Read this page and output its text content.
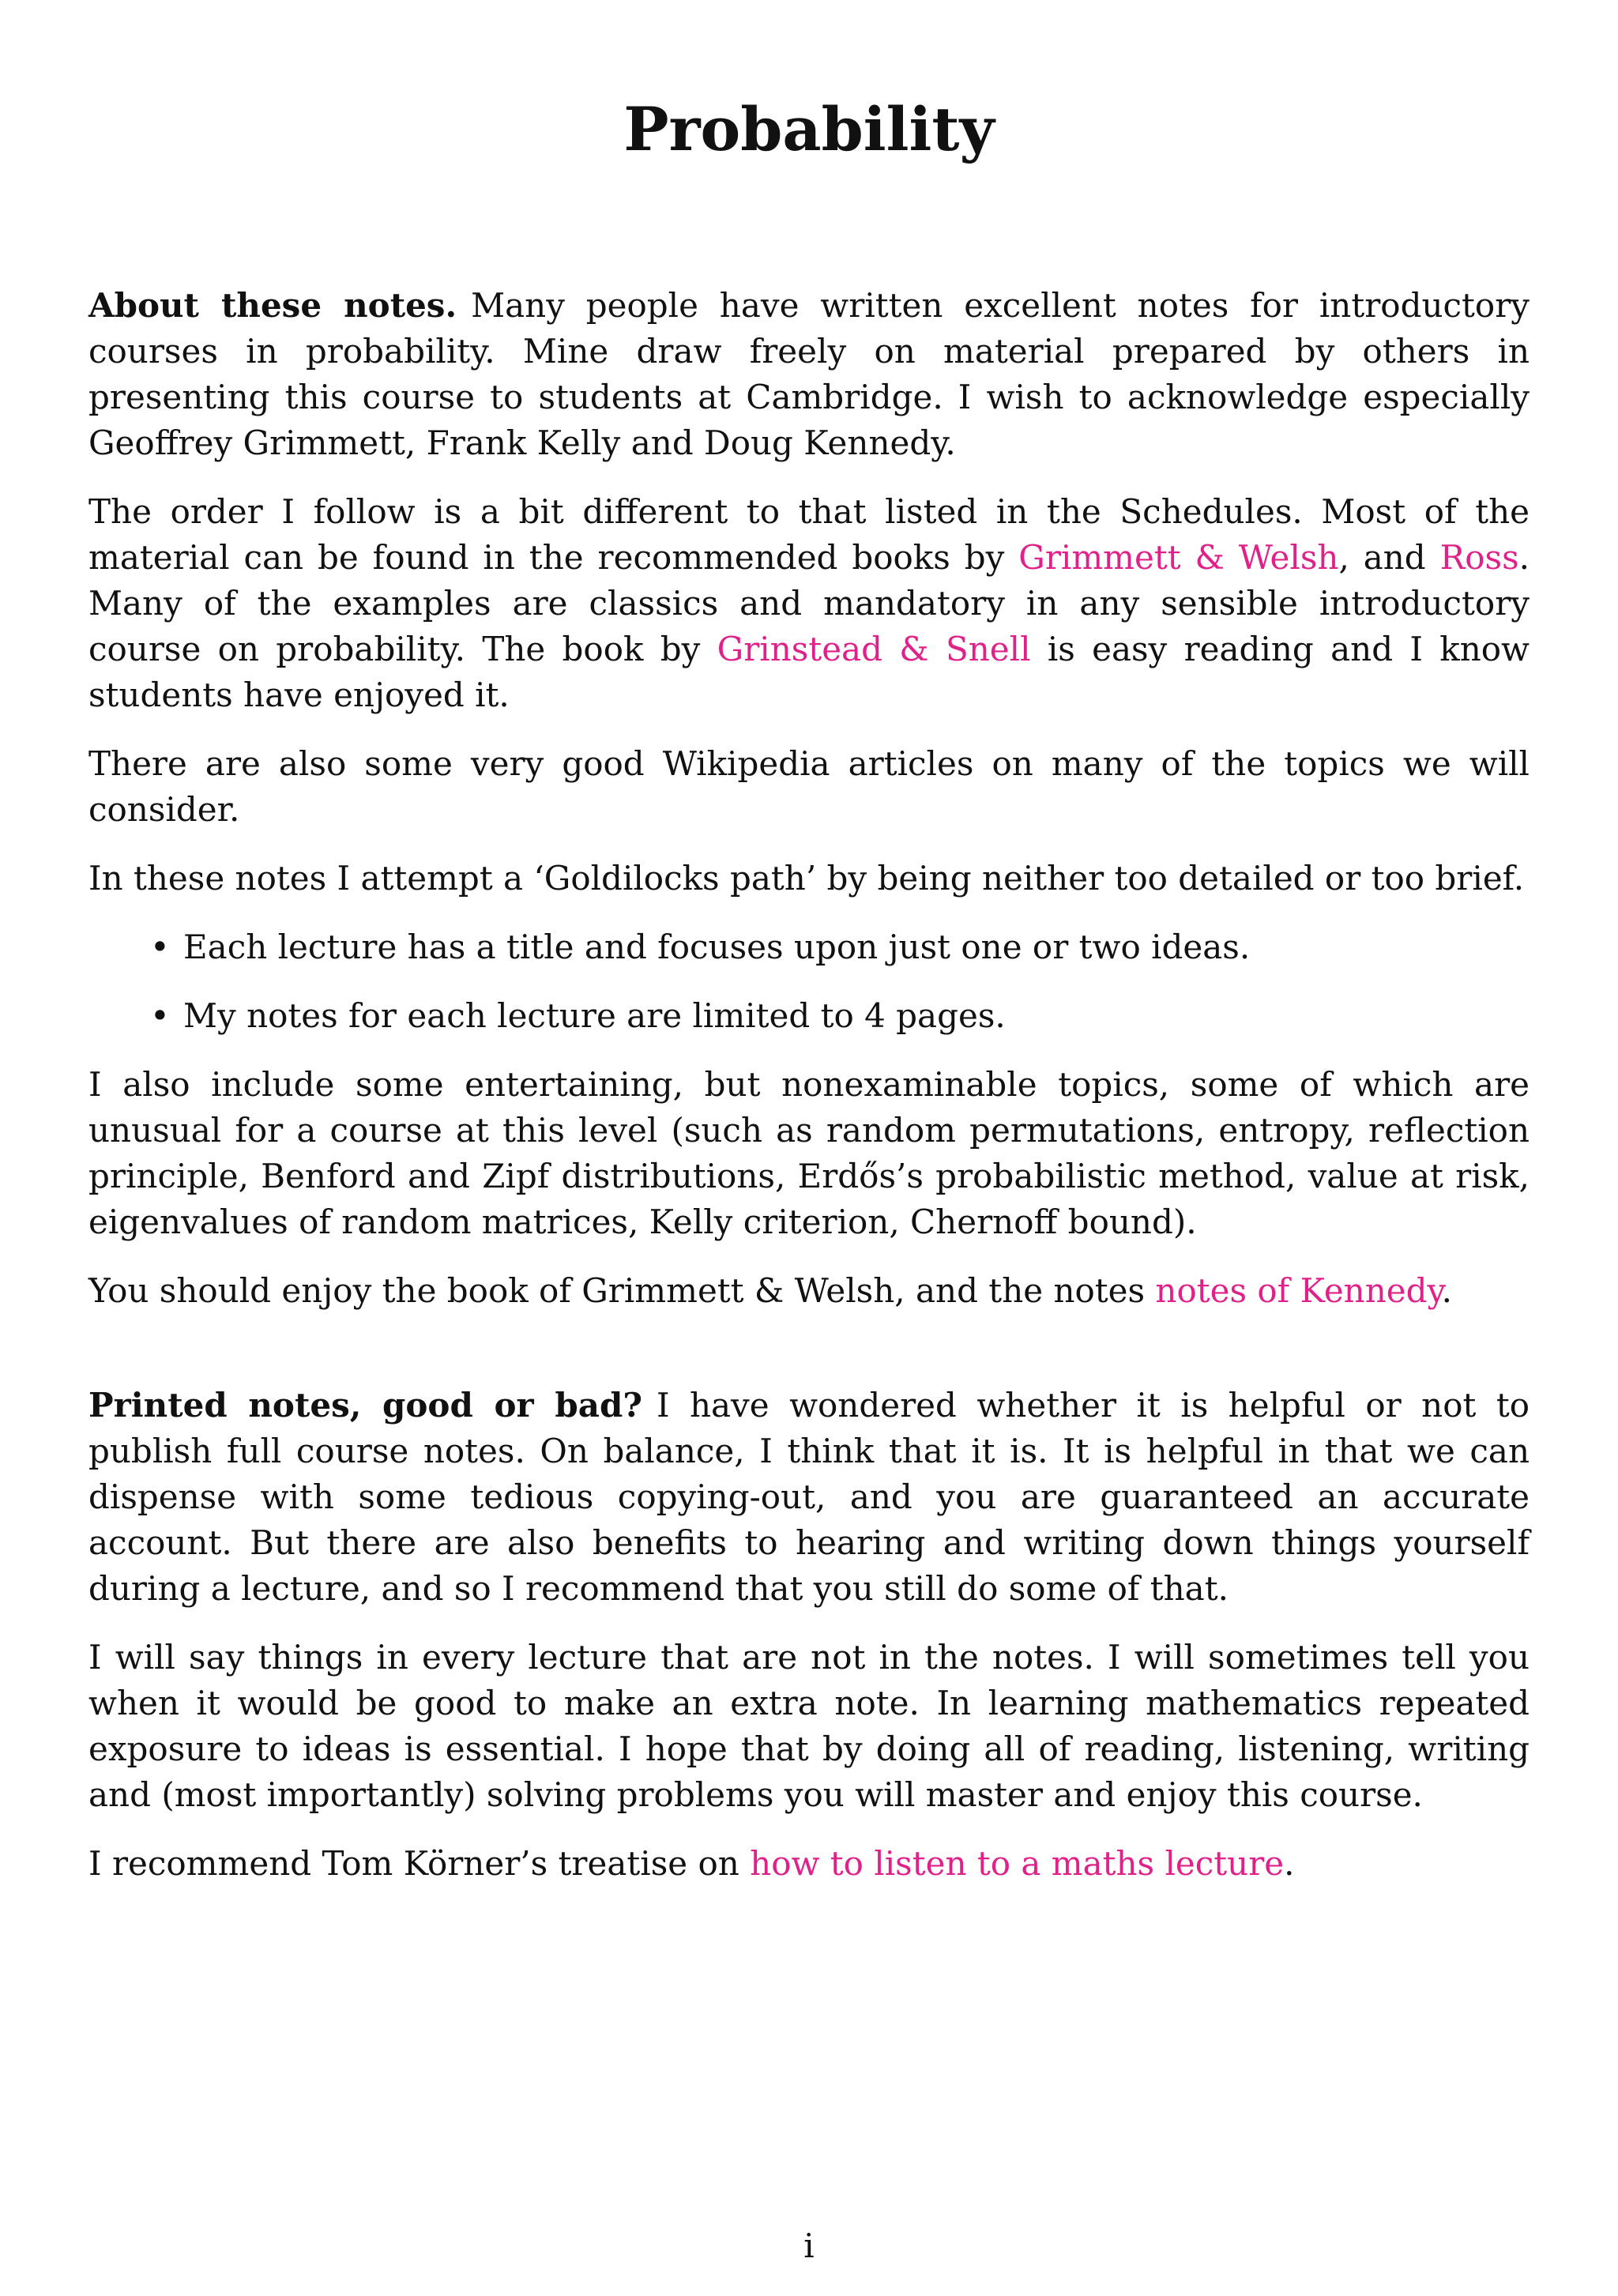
Probability

About these notes. Many people have written excellent notes for introductory courses in probability. Mine draw freely on material prepared by others in presenting this course to students at Cambridge. I wish to acknowledge especially Geoffrey Grimmett, Frank Kelly and Doug Kennedy.

The order I follow is a bit different to that listed in the Schedules. Most of the material can be found in the recommended books by Grimmett & Welsh, and Ross. Many of the examples are classics and mandatory in any sensible introductory course on probability. The book by Grinstead & Snell is easy reading and I know students have enjoyed it.

There are also some very good Wikipedia articles on many of the topics we will consider.

In these notes I attempt a ‘Goldilocks path’ by being neither too detailed or too brief.

• Each lecture has a title and focuses upon just one or two ideas.
• My notes for each lecture are limited to 4 pages.

I also include some entertaining, but nonexaminable topics, some of which are unusual for a course at this level (such as random permutations, entropy, reflection principle, Benford and Zipf distributions, Erdős’s probabilistic method, value at risk, eigenvalues of random matrices, Kelly criterion, Chernoff bound).

You should enjoy the book of Grimmett & Welsh, and the notes notes of Kennedy.

Printed notes, good or bad? I have wondered whether it is helpful or not to publish full course notes. On balance, I think that it is. It is helpful in that we can dispense with some tedious copying-out, and you are guaranteed an accurate account. But there are also benefits to hearing and writing down things yourself during a lecture, and so I recommend that you still do some of that.

I will say things in every lecture that are not in the notes. I will sometimes tell you when it would be good to make an extra note. In learning mathematics repeated exposure to ideas is essential. I hope that by doing all of reading, listening, writing and (most importantly) solving problems you will master and enjoy this course.

I recommend Tom Körner’s treatise on how to listen to a maths lecture.

i
